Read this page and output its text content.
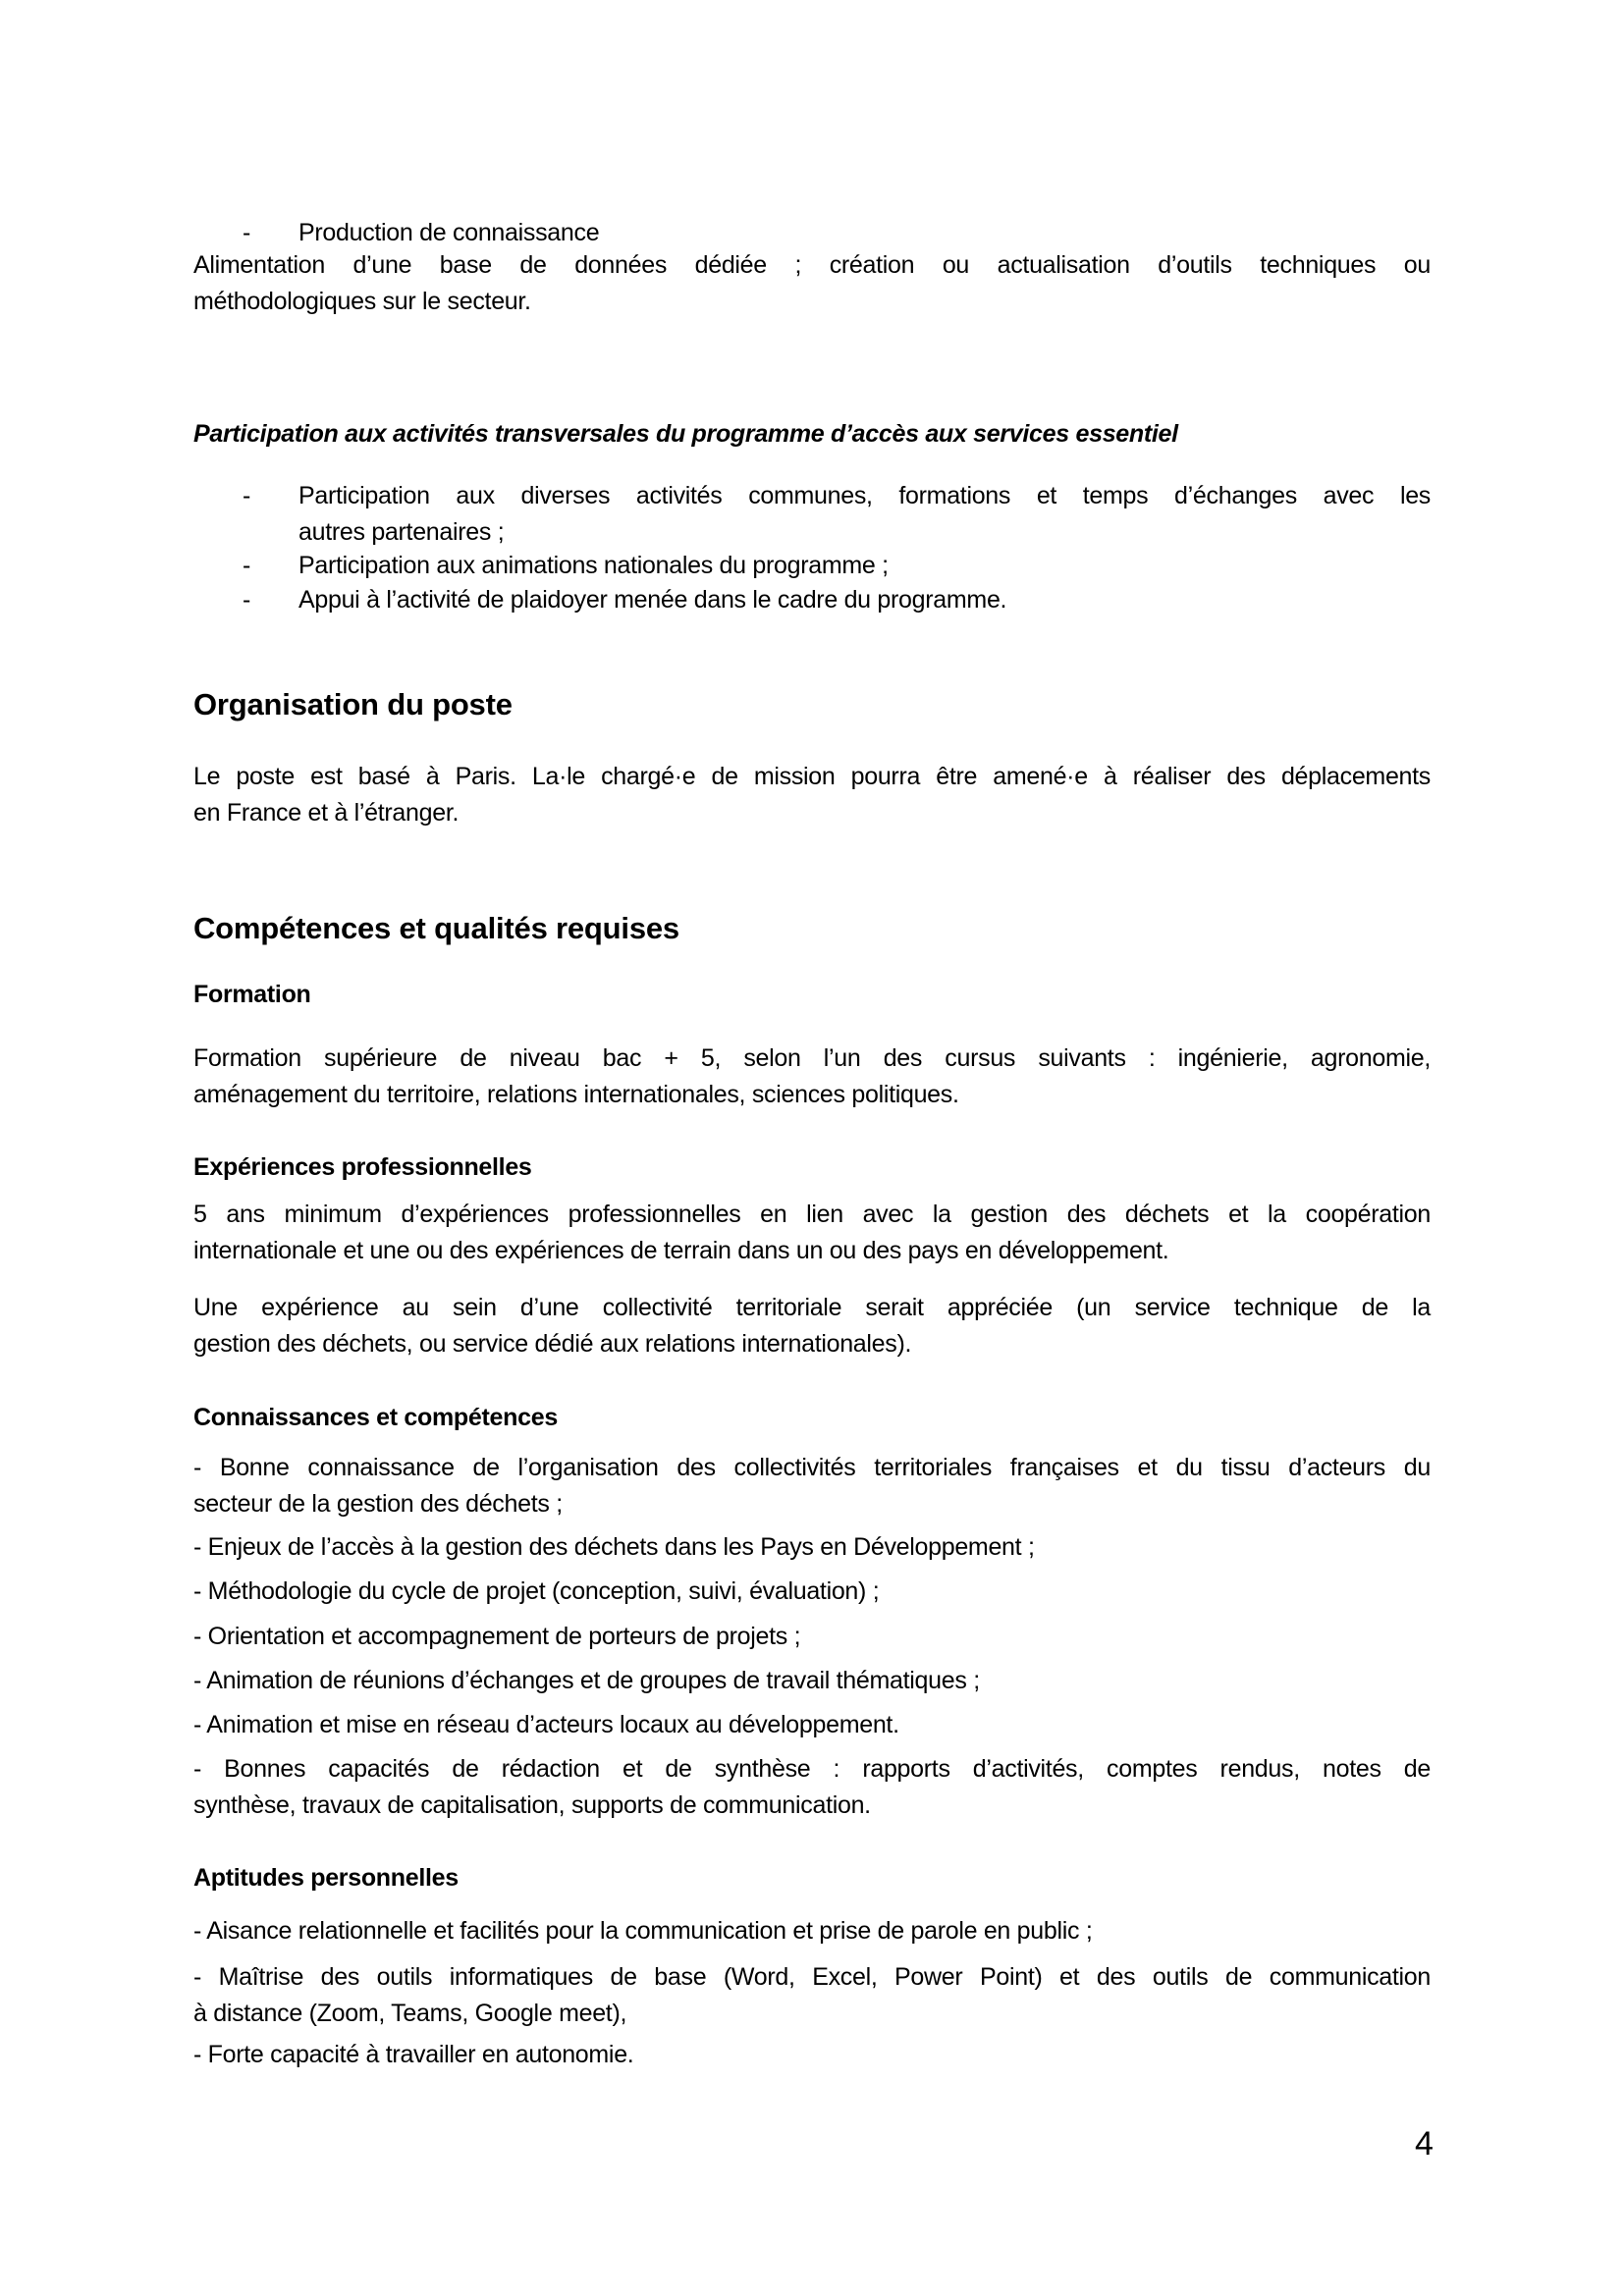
4
-	Production de connaissance
Alimentation d’une base de données dédiée ; création ou actualisation d’outils techniques ou
méthodologiques sur le secteur.
Participation aux activités transversales du programme d’accès aux services essentiel
-	Participation aux diverses activités communes, formations et temps d’échanges avec les
autres partenaires ;
-	Participation aux animations nationales du programme ;
-	Appui à l’activité de plaidoyer menée dans le cadre du programme.
Organisation du poste
Le poste est basé à Paris. La·le chargé·e de mission pourra être amené·e à réaliser des déplacements
en France et à l’étranger.
Compétences et qualités requises
Formation
Formation supérieure de niveau bac + 5, selon l’un des cursus suivants : ingénierie, agronomie,
aménagement du territoire, relations internationales, sciences politiques.
Expériences professionnelles
5 ans minimum d’expériences professionnelles en lien avec la gestion des déchets et la coopération
internationale et une ou des expériences de terrain dans un ou des pays en développement.
Une expérience au sein d’une collectivité territoriale serait appréciée (un service technique de la
gestion des déchets, ou service dédié aux relations internationales).
Connaissances et compétences
- Bonne connaissance de l’organisation des collectivités territoriales françaises et du tissu d’acteurs du
secteur de la gestion des déchets ;
- Enjeux de l’accès à la gestion des déchets dans les Pays en Développement ;
- Méthodologie du cycle de projet (conception, suivi, évaluation) ;
- Orientation et accompagnement de porteurs de projets ;
- Animation de réunions d’échanges et de groupes de travail thématiques ;
- Animation et mise en réseau d’acteurs locaux au développement.
- Bonnes capacités de rédaction et de synthèse : rapports d’activités, comptes rendus, notes de
synthèse, travaux de capitalisation, supports de communication.
Aptitudes personnelles
- Aisance relationnelle et facilités pour la communication et prise de parole en public ;
- Maîtrise des outils informatiques de base (Word, Excel, Power Point) et des outils de communication
à distance (Zoom, Teams, Google meet),
- Forte capacité à travailler en autonomie.
